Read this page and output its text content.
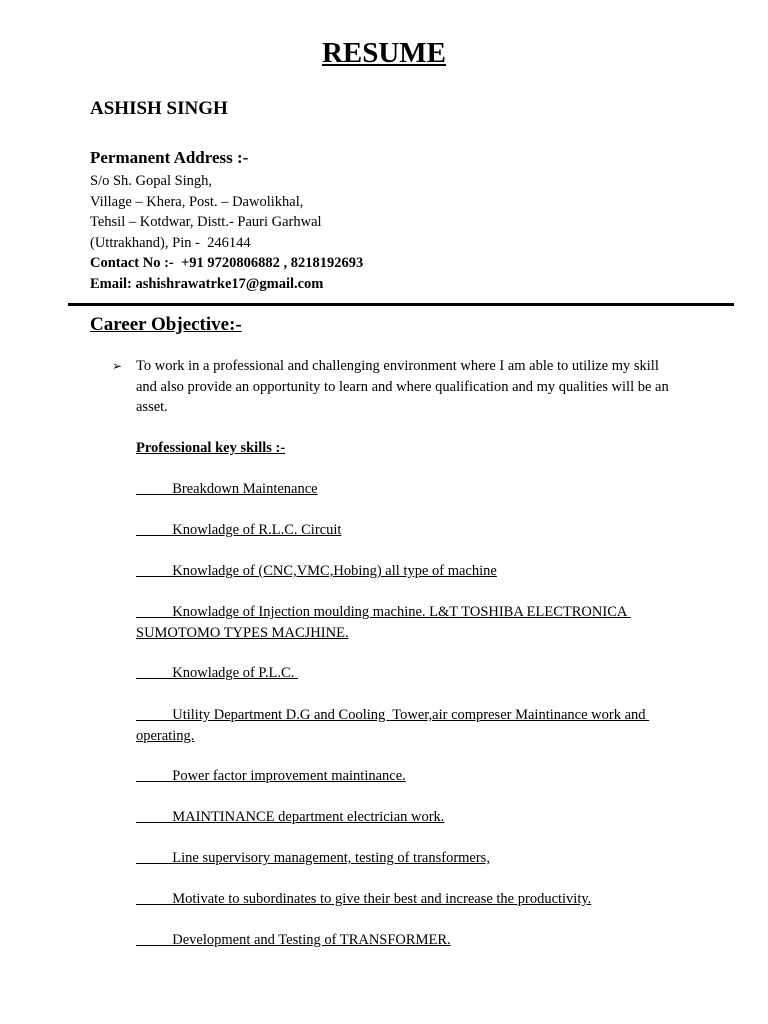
RESUME
ASHISH SINGH
Permanent Address :-
S/o Sh. Gopal Singh,
Village – Khera, Post. – Dawolikhal,
Tehsil – Kotdwar, Distt.- Pauri Garhwal
(Uttrakhand), Pin -  246144
Contact No :-  +91 9720806882 , 8218192693
Email: ashishrawatrke17@gmail.com
Career Objective:-
➢ To work in a professional and challenging environment where I am able to utilize my skill and also provide an opportunity to learn and where qualification and my qualities will be an asset.
Professional key skills :-
Breakdown Maintenance
Knowladge of R.L.C. Circuit
Knowladge of (CNC,VMC,Hobing) all type of machine
Knowladge of Injection moulding machine. L&T TOSHIBA ELECTRONICA SUMOTOMO TYPES MACJHINE.
Knowladge of P.L.C.
Utility Department D.G and Cooling  Tower,air compreser Maintinance work and operating.
Power factor improvement maintinance.
MAINTINANCE department electrician work.
Line supervisory management, testing of transformers,
Motivate to subordinates to give their best and increase the productivity.
Development and Testing of TRANSFORMER.
